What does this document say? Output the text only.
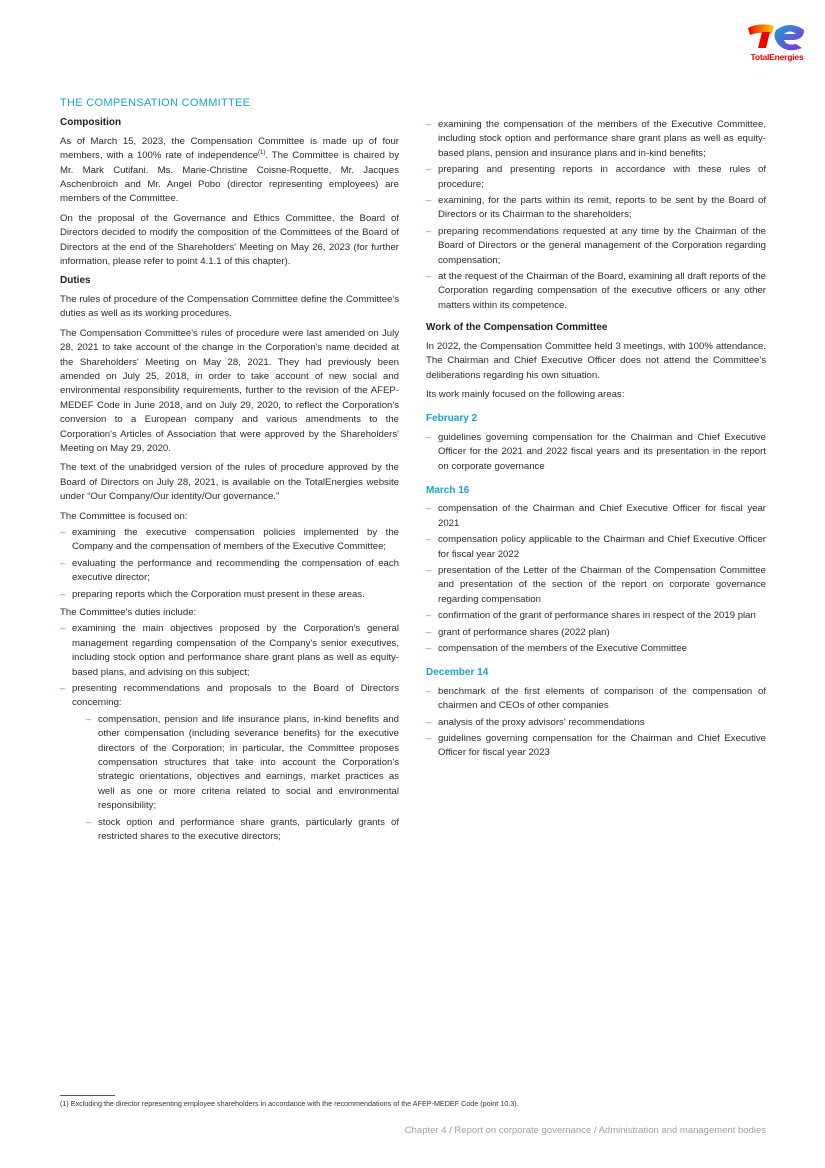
TotalEnergies
THE COMPENSATION COMMITTEE
Composition

As of March 15, 2023, the Compensation Committee is made up of four members, with a 100% rate of independence$^{(1)}$. The Committee is chaired by Mr. Mark Cutifani. Ms. Marie-Christine Coisne-Roquette, Mr. Jacques Aschenbroich and Mr. Angel Pobo (director representing employees) are members of the Committee.

On the proposal of the Governance and Ethics Committee, the Board of Directors decided to modify the composition of the Committees of the Board of Directors at the end of the Shareholders' Meeting on May 26, 2023 (for further information, please refer to point 4.1.1 of this chapter).

Duties

The rules of procedure of the Compensation Committee define the Committee's duties as well as its working procedures.

The Compensation Committee's rules of procedure were last amended on July 28, 2021 to take account of the change in the Corporation's name decided at the Shareholders' Meeting on May 28, 2021. They had previously been amended on July 25, 2018, in order to take account of new social and environmental responsibility requirements, further to the revision of the AFEP-MEDEF Code in June 2018, and on July 29, 2020, to reflect the Corporation's conversion to a European company and various amendments to the Corporation's Articles of Association that were approved by the Shareholders' Meeting on May 29, 2020.

The text of the unabridged version of the rules of procedure approved by the Board of Directors on July 28, 2021, is available on the TotalEnergies website under “Our Company/Our identity/Our governance.”

The Committee is focused on:

– examining the executive compensation policies implemented by the Company and the compensation of members of the Executive Committee;
– evaluating the performance and recommending the compensation of each executive director;
– preparing reports which the Corporation must present in these areas.

The Committee's duties include:

– examining the main objectives proposed by the Corporation's general management regarding compensation of the Company's senior executives, including stock option and performance share grant plans as well as equity-based plans, and advising on this subject;
– presenting recommendations and proposals to the Board of Directors concerning:
– compensation, pension and life insurance plans, in-kind benefits and other compensation (including severance benefits) for the executive directors of the Corporation; in particular, the Committee proposes compensation structures that take into account the Corporation's strategic orientations, objectives and earnings, market practices as well as one or more criteria related to social and environmental responsibility;
– stock option and performance share grants, particularly grants of restricted shares to the executive directors;
– examining the compensation of the members of the Executive Committee, including stock option and performance share grant plans as well as equity-based plans, pension and insurance plans and in-kind benefits;
– preparing and presenting reports in accordance with these rules of procedure;
– examining, for the parts within its remit, reports to be sent by the Board of Directors or its Chairman to the shareholders;
– preparing recommendations requested at any time by the Chairman of the Board of Directors or the general management of the Corporation regarding compensation;
– at the request of the Chairman of the Board, examining all draft reports of the Corporation regarding compensation of the executive officers or any other matters within its competence.
Work of the Compensation Committee

In 2022, the Compensation Committee held 3 meetings, with 100% attendance. The Chairman and Chief Executive Officer does not attend the Committee's deliberations regarding his own situation.

Its work mainly focused on the following areas:

February 2
– guidelines governing compensation for the Chairman and Chief Executive Officer for the 2021 and 2022 fiscal years and its presentation in the report on corporate governance
March 16
– compensation of the Chairman and Chief Executive Officer for fiscal year 2021
– compensation policy applicable to the Chairman and Chief Executive Officer for fiscal year 2022
– presentation of the Letter of the Chairman of the Compensation Committee and presentation of the section of the report on corporate governance regarding compensation
– confirmation of the grant of performance shares in respect of the 2019 plan
– grant of performance shares (2022 plan)
– compensation of the members of the Executive Committee
December 14
– benchmark of the first elements of comparison of the compensation of chairmen and CEOs of other companies
– analysis of the proxy advisors' recommendations
– guidelines governing compensation for the Chairman and Chief Executive Officer for fiscal year 2023
(1) Excluding the director representing employee shareholders in accordance with the recommendations of the AFEP-MEDEF Code (point 10.3).
Chapter 4 / Report on corporate governance / Administration and management bodies
